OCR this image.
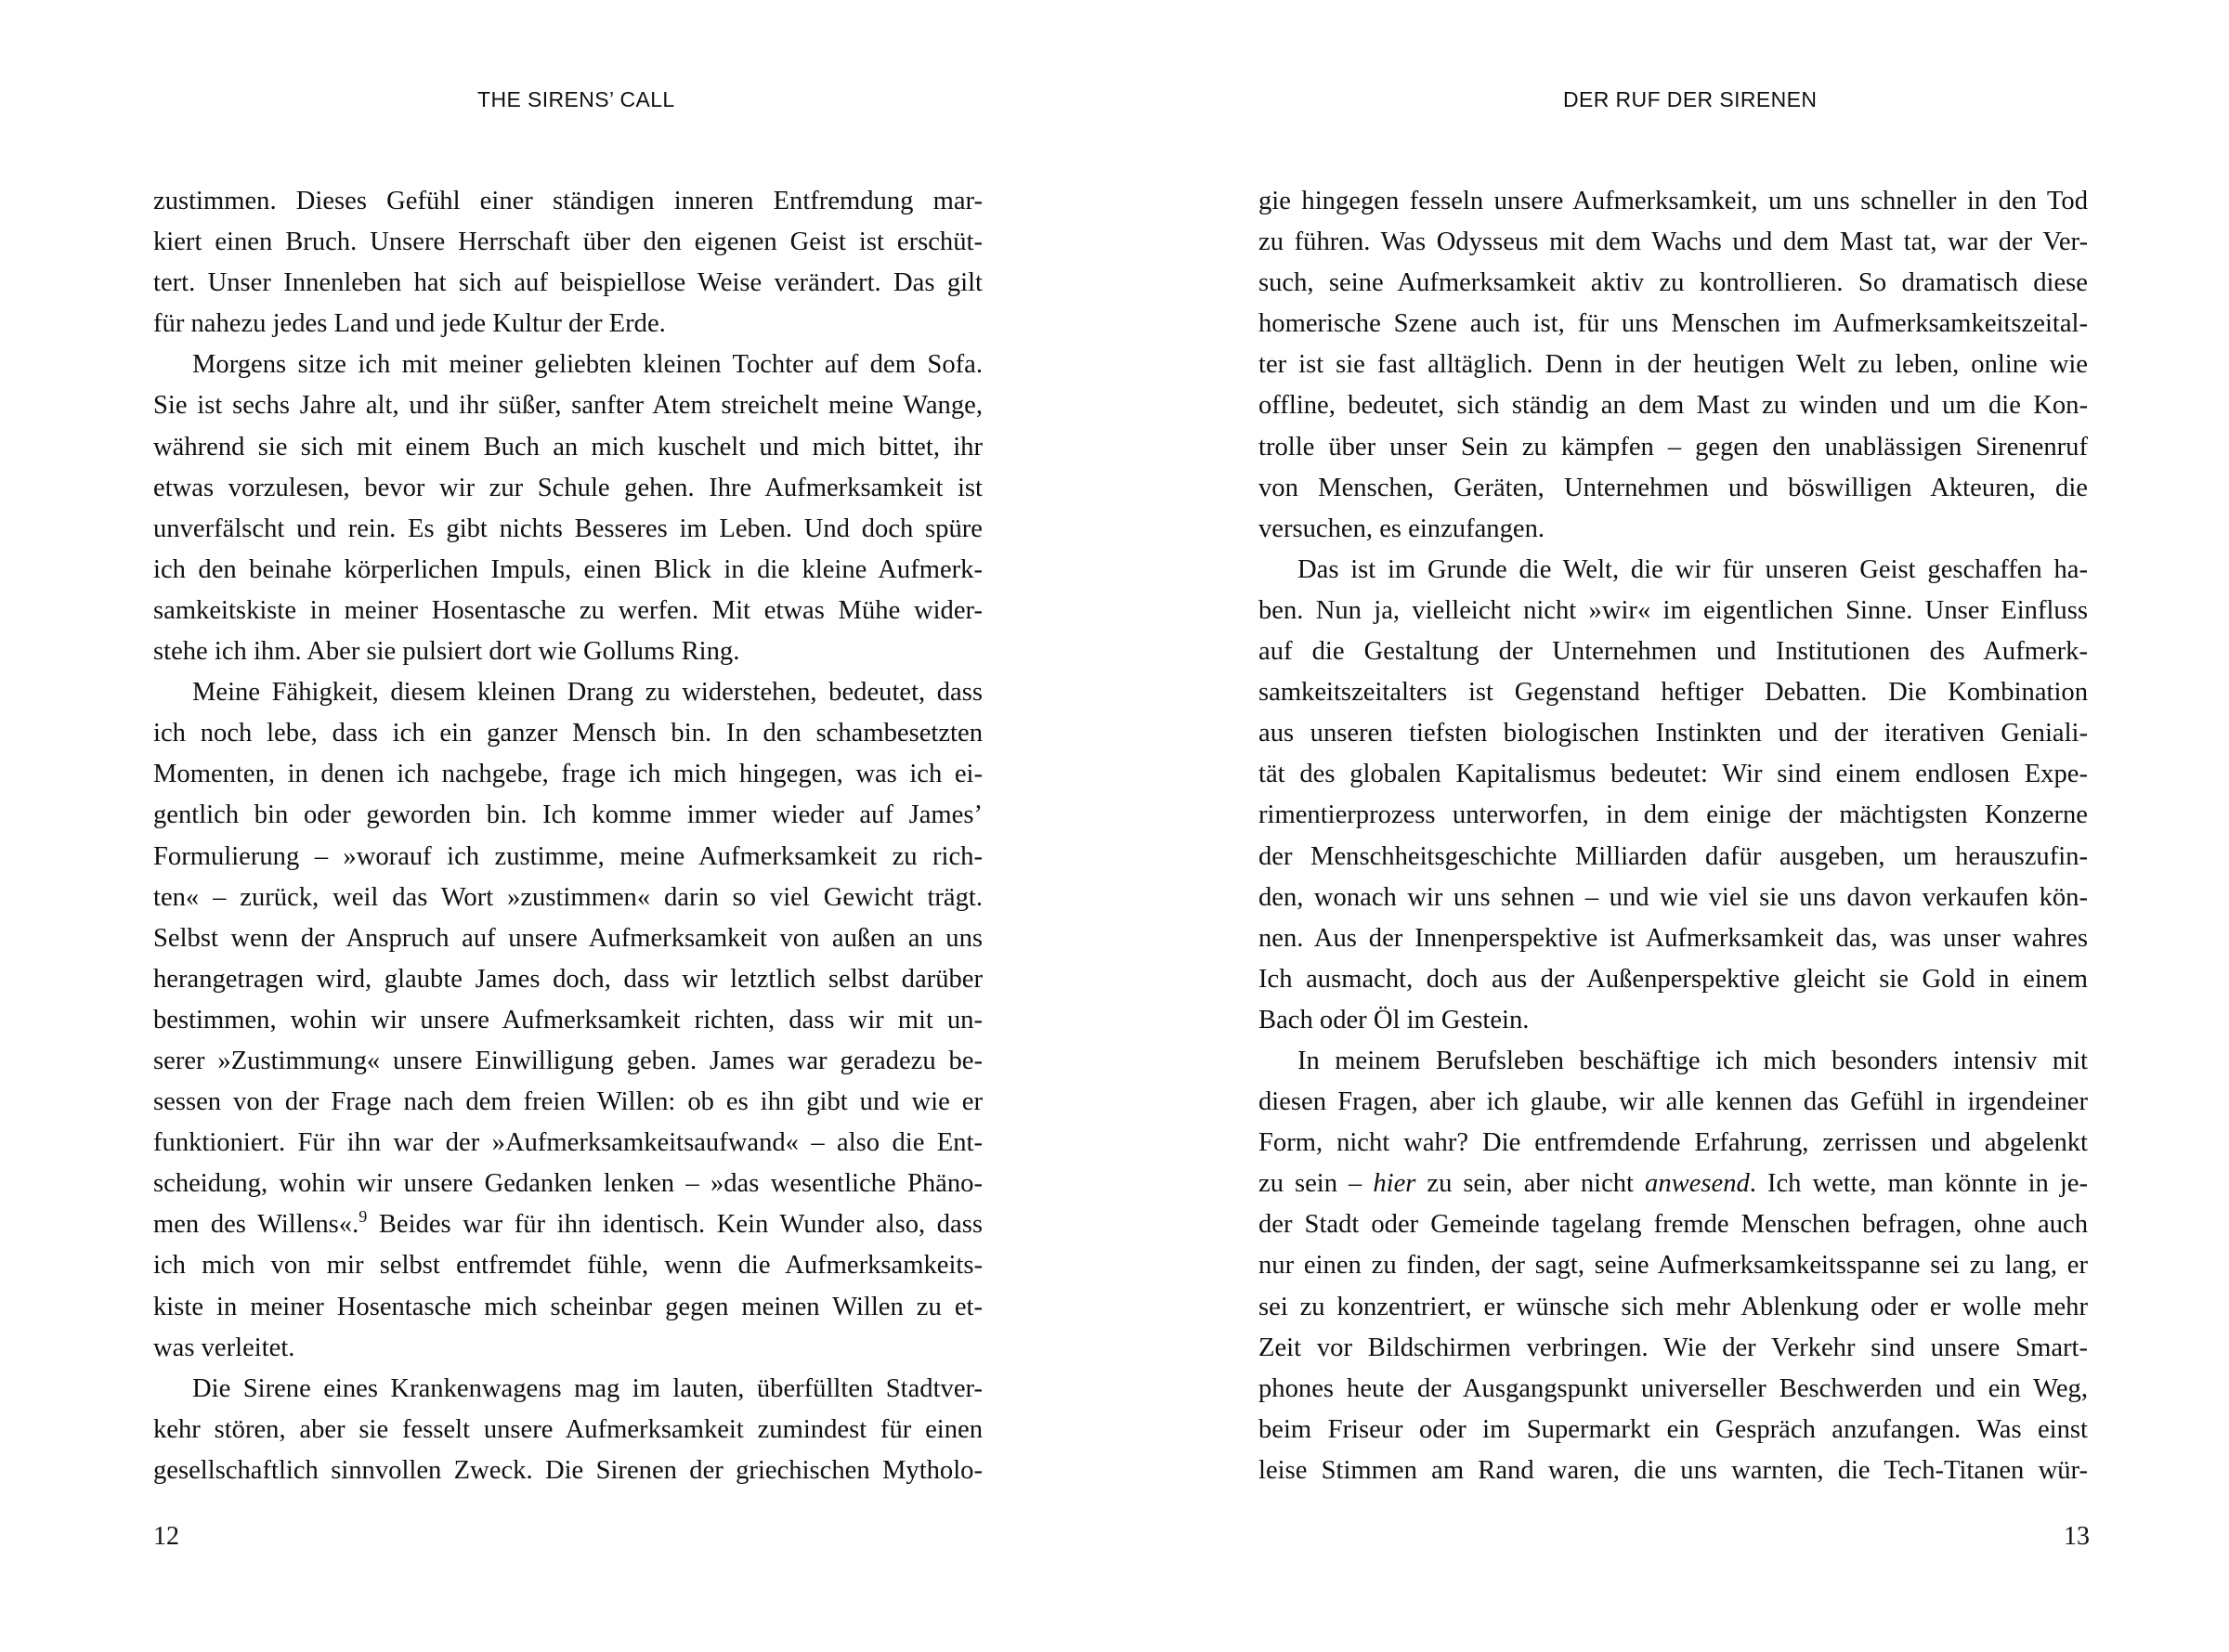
THE SIRENS’ CALL
zustimmen. Dieses Gefühl einer ständigen inneren Entfremdung mar-
kiert einen Bruch. Unsere Herrschaft über den eigenen Geist ist erschüt-
tert. Unser Innenleben hat sich auf beispiellose Weise verändert. Das gilt
für nahezu jedes Land und jede Kultur der Erde.
Morgens sitze ich mit meiner geliebten kleinen Tochter auf dem Sofa.
Sie ist sechs Jahre alt, und ihr süßer, sanfter Atem streichelt meine Wange,
während sie sich mit einem Buch an mich kuschelt und mich bittet, ihr
etwas vorzulesen, bevor wir zur Schule gehen. Ihre Aufmerksamkeit ist
unverfälscht und rein. Es gibt nichts Besseres im Leben. Und doch spüre
ich den beinahe körperlichen Impuls, einen Blick in die kleine Aufmerk-
samkeitskiste in meiner Hosentasche zu werfen. Mit etwas Mühe wider-
stehe ich ihm. Aber sie pulsiert dort wie Gollums Ring.
Meine Fähigkeit, diesem kleinen Drang zu widerstehen, bedeutet, dass
ich noch lebe, dass ich ein ganzer Mensch bin. In den schambesetzten
Momenten, in denen ich nachgebe, frage ich mich hingegen, was ich ei-
gentlich bin oder geworden bin. Ich komme immer wieder auf James’
Formulierung – »worauf ich zustimme, meine Aufmerksamkeit zu rich-
ten« – zurück, weil das Wort »zustimmen« darin so viel Gewicht trägt.
Selbst wenn der Anspruch auf unsere Aufmerksamkeit von außen an uns
herangetragen wird, glaubte James doch, dass wir letztlich selbst darüber
bestimmen, wohin wir unsere Aufmerksamkeit richten, dass wir mit un-
serer »Zustimmung« unsere Einwilligung geben. James war geradezu be-
sessen von der Frage nach dem freien Willen: ob es ihn gibt und wie er
funktioniert. Für ihn war der »Aufmerksamkeitsaufwand« – also die Ent-
scheidung, wohin wir unsere Gedanken lenken – »das wesentliche Phäno-
men des Willens«.$^9$ Beides war für ihn identisch. Kein Wunder also, dass
ich mich von mir selbst entfremdet fühle, wenn die Aufmerksamkeits-
kiste in meiner Hosentasche mich scheinbar gegen meinen Willen zu et-
was verleitet.
Die Sirene eines Krankenwagens mag im lauten, überfüllten Stadtver-
kehr stören, aber sie fesselt unsere Aufmerksamkeit zumindest für einen
gesellschaftlich sinnvollen Zweck. Die Sirenen der griechischen Mytholo-
12
DER RUF DER SIRENEN
gie hingegen fesseln unsere Aufmerksamkeit, um uns schneller in den Tod
zu führen. Was Odysseus mit dem Wachs und dem Mast tat, war der Ver-
such, seine Aufmerksamkeit aktiv zu kontrollieren. So dramatisch diese
homerische Szene auch ist, für uns Menschen im Aufmerksamkeitszeital-
ter ist sie fast alltäglich. Denn in der heutigen Welt zu leben, online wie
offline, bedeutet, sich ständig an dem Mast zu winden und um die Kon-
trolle über unser Sein zu kämpfen – gegen den unablässigen Sirenenruf
von Menschen, Geräten, Unternehmen und böswilligen Akteuren, die
versuchen, es einzufangen.
Das ist im Grunde die Welt, die wir für unseren Geist geschaffen ha-
ben. Nun ja, vielleicht nicht »wir« im eigentlichen Sinne. Unser Einfluss
auf die Gestaltung der Unternehmen und Institutionen des Aufmerk-
samkeitszeitalters ist Gegenstand heftiger Debatten. Die Kombination
aus unseren tiefsten biologischen Instinkten und der iterativen Geniali-
tät des globalen Kapitalismus bedeutet: Wir sind einem endlosen Expe-
rimentierprozess unterworfen, in dem einige der mächtigsten Konzerne
der Menschheitsgeschichte Milliarden dafür ausgeben, um herauszufin-
den, wonach wir uns sehnen – und wie viel sie uns davon verkaufen kön-
nen. Aus der Innenperspektive ist Aufmerksamkeit das, was unser wahres
Ich ausmacht, doch aus der Außenperspektive gleicht sie Gold in einem
Bach oder Öl im Gestein.
In meinem Berufsleben beschäftige ich mich besonders intensiv mit
diesen Fragen, aber ich glaube, wir alle kennen das Gefühl in irgendeiner
Form, nicht wahr? Die entfremdende Erfahrung, zerrissen und abgelenkt
zu sein – hier zu sein, aber nicht anwesend. Ich wette, man könnte in je-
der Stadt oder Gemeinde tagelang fremde Menschen befragen, ohne auch
nur einen zu finden, der sagt, seine Aufmerksamkeitsspanne sei zu lang, er
sei zu konzentriert, er wünsche sich mehr Ablenkung oder er wolle mehr
Zeit vor Bildschirmen verbringen. Wie der Verkehr sind unsere Smart-
phones heute der Ausgangspunkt universeller Beschwerden und ein Weg,
beim Friseur oder im Supermarkt ein Gespräch anzufangen. Was einst
leise Stimmen am Rand waren, die uns warnten, die Tech-Titanen wür-
13
